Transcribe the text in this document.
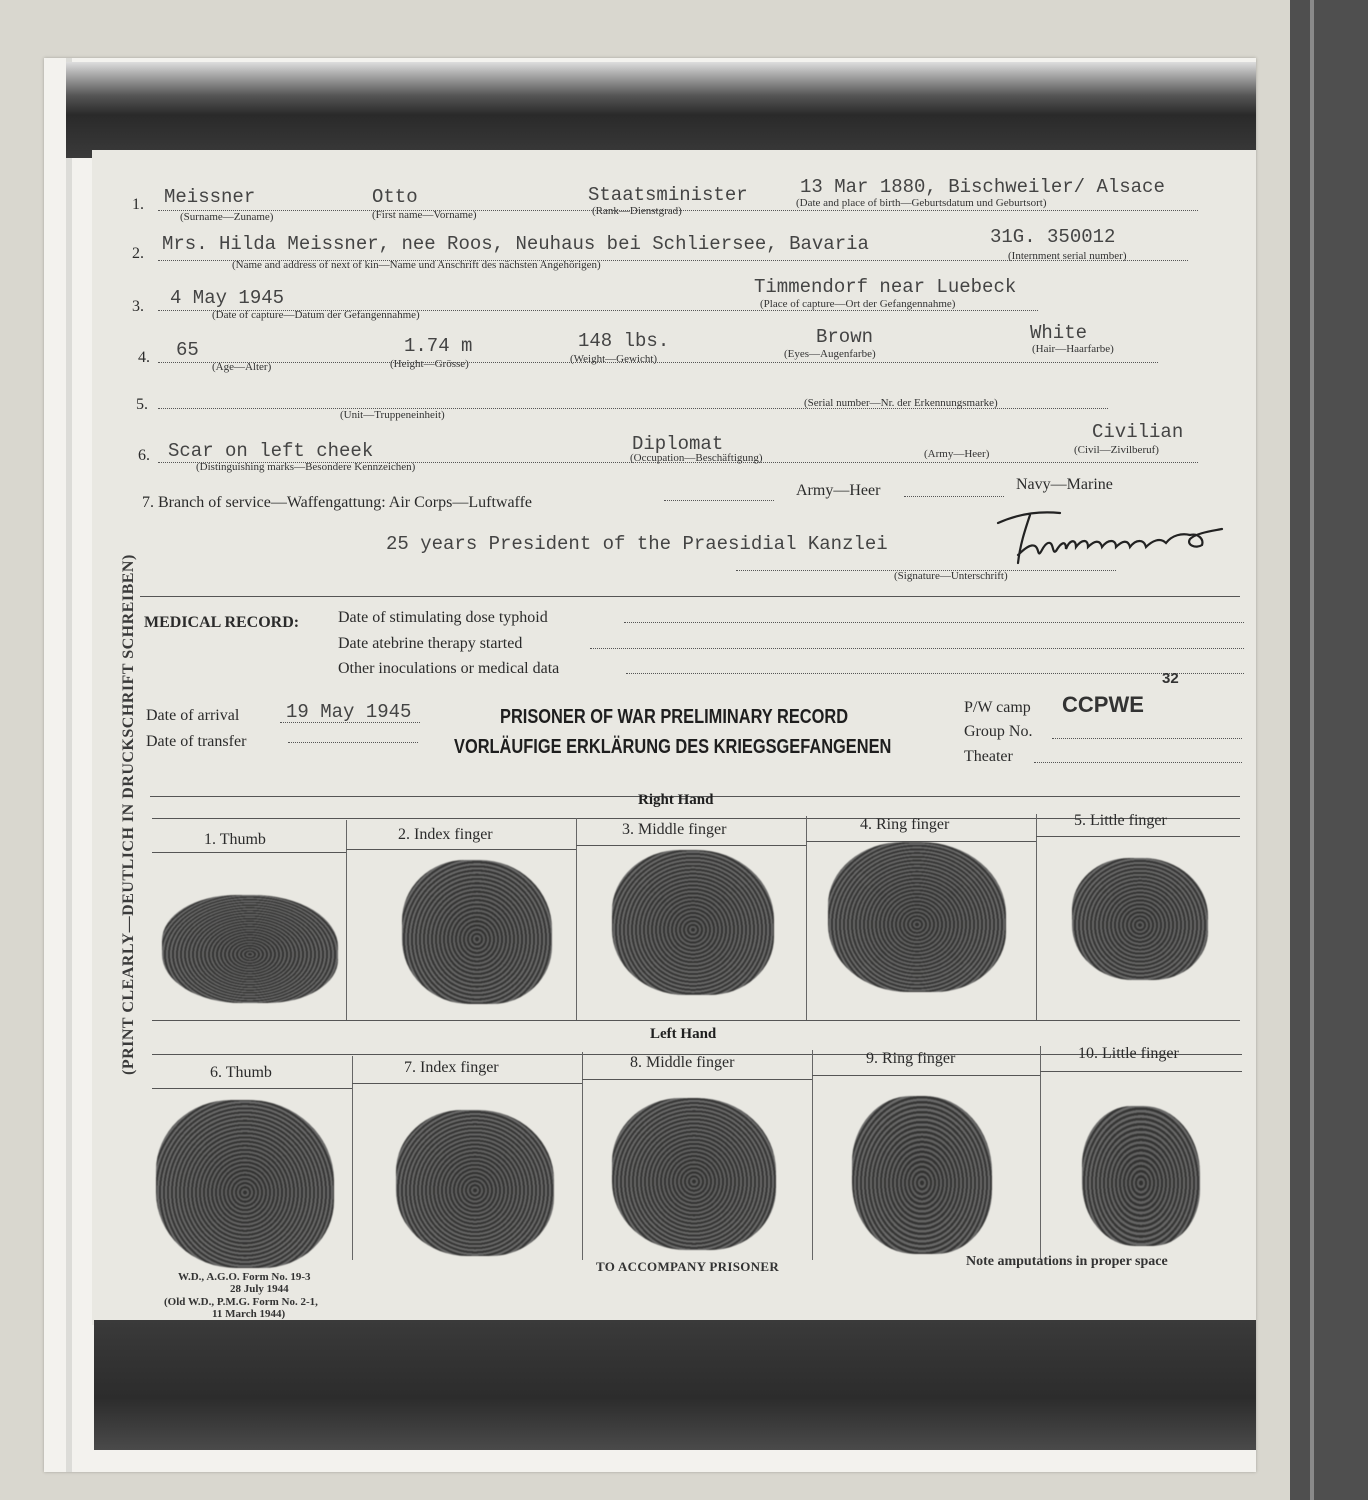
(PRINT CLEARLY—DEUTLICH IN DRUCKSCHRIFT SCHREIBEN)
1. Meissner
(Surname—Zuname)
Otto
(First name—Vorname)
Staatsminister
(Rank—Dienstgrad)
13 Mar 1880, Bischweiler/ Alsace
(Date and place of birth—Geburtsdatum und Geburtsort)
2. Mrs. Hilda Meissner, nee Roos, Neuhaus bei Schliersee, Bavaria
(Name and address of next of kin—Name und Anschrift des nächsten Angehörigen)
31G. 350012
(Internment serial number)
3. 4 May 1945
(Date of capture—Datum der Gefangennahme)
Timmendorf near Luebeck
(Place of capture—Ort der Gefangennahme)
4. 65
(Age—Alter)
1.74 m
(Height—Grösse)
148 lbs.
(Weight—Gewicht)
Brown
(Eyes—Augenfarbe)
White
(Hair—Haarfarbe)
5.
(Unit—Truppeneinheit)
(Serial number—Nr. der Erkennungsmarke)
6. Scar on left cheek
(Distinguishing marks—Besondere Kennzeichen)
Diplomat
(Occupation—Beschäftigung)	(Army—Heer)
Civilian
(Civil—Zivilberuf)
7. Branch of service—Waffengattung: Air Corps—Luftwaffe
Army—Heer	Navy—Marine
25 years President of the Praesidial Kanzlei
(Signature—Unterschrift)
MEDICAL RECORD: Date of stimulating dose typhoid
Date atebrine therapy started
Other inoculations or medical data
Date of arrival 19 May 1945
Date of transfer
PRISONER OF WAR PRELIMINARY RECORD
VORLÄUFIGE ERKLÄRUNG DES KRIEGSGEFANGENEN
P/W camp CCPWE
32
Group No.
Theater
Right Hand
1. Thumb	2. Index finger	3. Middle finger	4. Ring finger	5. Little finger
Left Hand
6. Thumb	7. Index finger	8. Middle finger	9. Ring finger	10. Little finger
W.D., A.G.O. Form No. 19-3
28 July 1944
(Old W.D., P.M.G. Form No. 2-1,
11 March 1944)
TO ACCOMPANY PRISONER	Note amputations in proper space
